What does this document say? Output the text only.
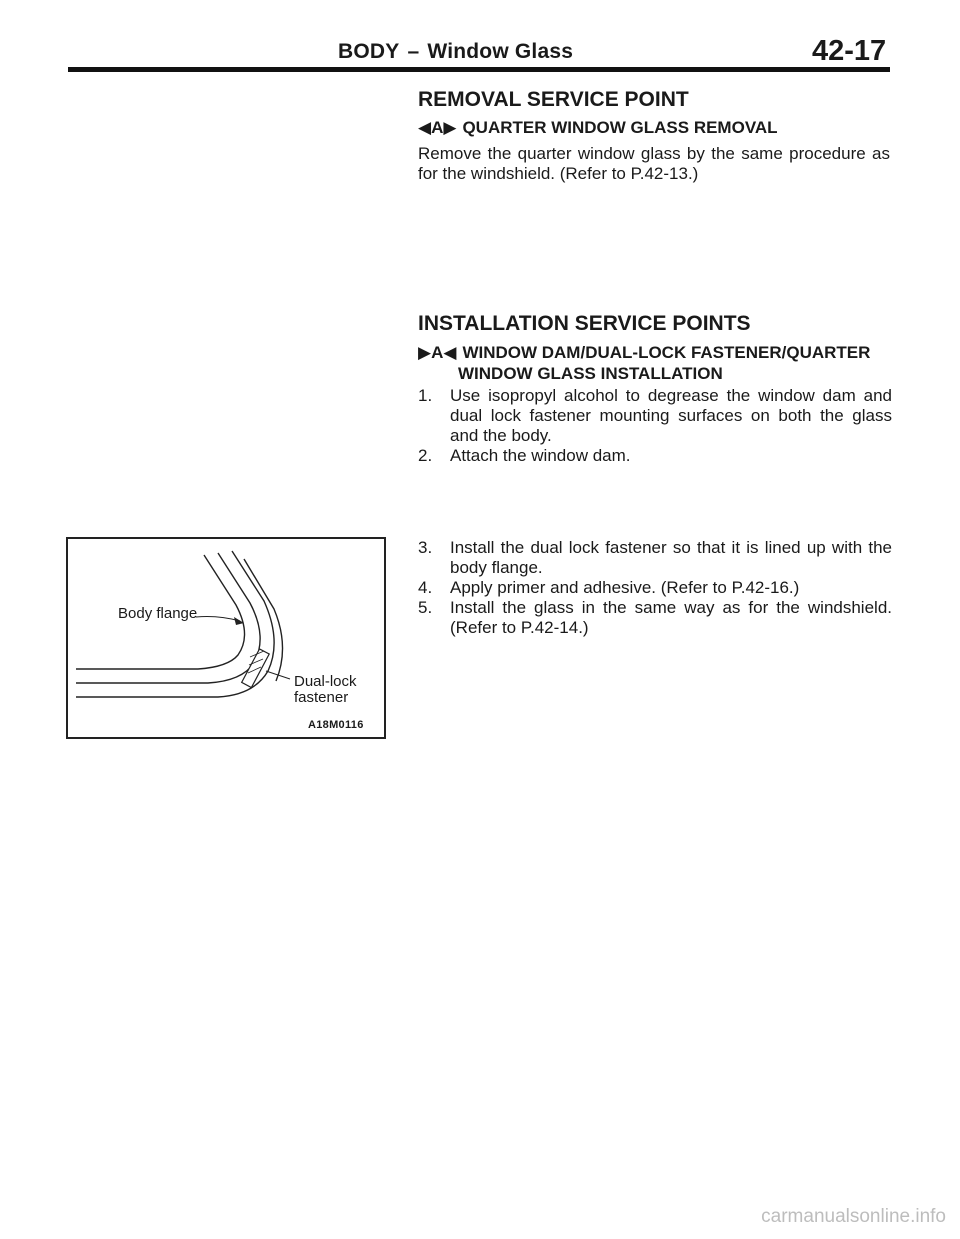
BODY – Window Glass	42-17
REMOVAL SERVICE POINT
◀A▶ QUARTER WINDOW GLASS REMOVAL
Remove the quarter window glass by the same procedure as for the windshield. (Refer to P.42-13.)
INSTALLATION SERVICE POINTS
▶A◀ WINDOW DAM/DUAL-LOCK FASTENER/QUARTER
WINDOW GLASS INSTALLATION
1.	Use isopropyl alcohol to degrease the window dam and dual lock fastener mounting surfaces on both the glass and the body.
2.	Attach the window dam.
3.	Install the dual lock fastener so that it is lined up with the body flange.
4.	Apply primer and adhesive. (Refer to P.42-16.)
5.	Install the glass in the same way as for the windshield. (Refer to P.42-14.)
Body flange
Dual-lock
fastener
A18M0116
carmanualsonline.info
